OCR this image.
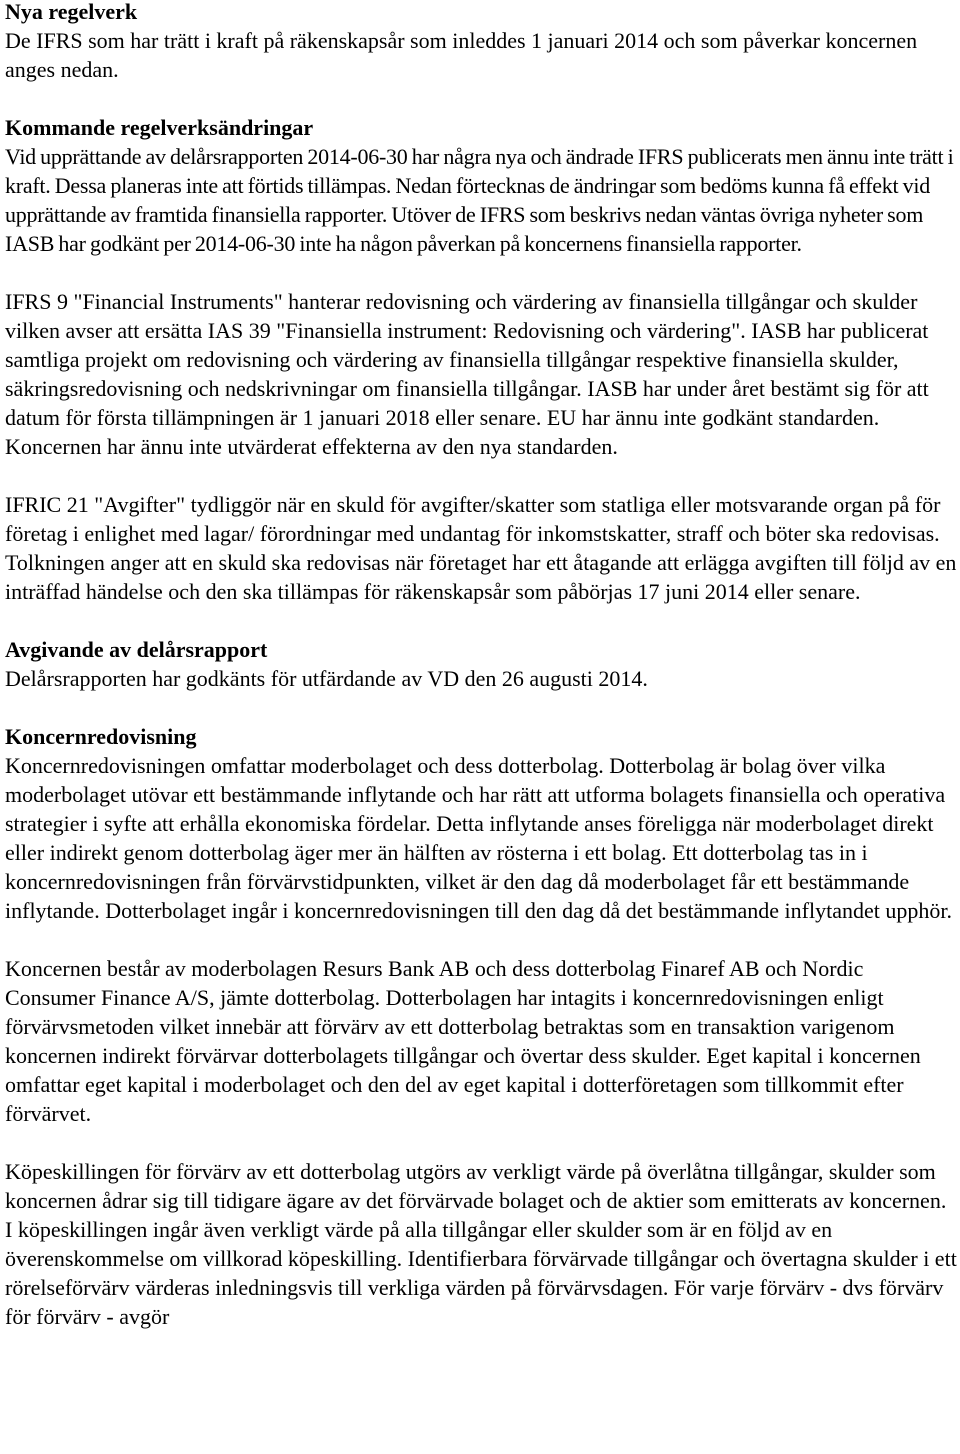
Nya regelverk
De IFRS som har trätt i kraft på räkenskapsår som inleddes 1 januari 2014 och som påverkar koncernen anges nedan.
Kommande regelverksändringar
Vid upprättande av delårsrapporten 2014-06-30 har några nya och ändrade IFRS publicerats men ännu inte trätt i kraft. Dessa planeras inte att förtids tillämpas. Nedan förtecknas de ändringar som bedöms kunna få effekt vid upprättande av framtida finansiella rapporter. Utöver de IFRS som beskrivs nedan väntas övriga nyheter som IASB har godkänt per 2014-06-30 inte ha någon påverkan på koncernens finansiella rapporter.
IFRS 9 "Financial Instruments" hanterar redovisning och värdering av finansiella tillgångar och skulder vilken avser att ersätta IAS 39 "Finansiella instrument: Redovisning och värdering". IASB har publicerat samtliga projekt om redovisning och värdering av finansiella tillgångar respektive finansiella skulder, säkringsredovisning och nedskrivningar om finansiella tillgångar. IASB har under året bestämt sig för att datum för första tillämpningen är 1 januari 2018 eller senare. EU har ännu inte godkänt standarden. Koncernen har ännu inte utvärderat effekterna av den nya standarden.
IFRIC 21 "Avgifter" tydliggör när en skuld för avgifter/skatter som statliga eller motsvarande organ på för företag i enlighet med lagar/ förordningar med undantag för inkomstskatter, straff och böter ska redovisas. Tolkningen anger att en skuld ska redovisas när företaget har ett åtagande att erlägga avgiften till följd av en inträffad händelse och den ska tillämpas för räkenskapsår som påbörjas 17 juni 2014 eller senare.
Avgivande av delårsrapport
Delårsrapporten har godkänts för utfärdande av VD den 26 augusti 2014.
Koncernredovisning
Koncernredovisningen omfattar moderbolaget och dess dotterbolag. Dotterbolag är bolag över vilka moderbolaget utövar ett bestämmande inflytande och har rätt att utforma bolagets finansiella och operativa strategier i syfte att erhålla ekonomiska fördelar. Detta inflytande anses föreligga när moderbolaget direkt eller indirekt genom dotterbolag äger mer än hälften av rösterna i ett bolag. Ett dotterbolag tas in i koncernredovisningen från förvärvstidpunkten, vilket är den dag då moderbolaget får ett bestämmande inflytande. Dotterbolaget ingår i koncernredovisningen till den dag då det bestämmande inflytandet upphör.
Koncernen består av moderbolagen Resurs Bank AB och dess dotterbolag Finaref AB och Nordic Consumer Finance A/S, jämte dotterbolag. Dotterbolagen har intagits i koncernredovisningen enligt förvärvsmetoden vilket innebär att förvärv av ett dotterbolag betraktas som en transaktion varigenom koncernen indirekt förvärvar dotterbolagets tillgångar och övertar dess skulder. Eget kapital i koncernen omfattar eget kapital i moderbolaget och den del av eget kapital i dotterföretagen som tillkommit efter förvärvet.
Köpeskillingen för förvärv av ett dotterbolag utgörs av verkligt värde på överlåtna tillgångar, skulder som koncernen ådrar sig till tidigare ägare av det förvärvade bolaget och de aktier som emitterats av koncernen. I köpeskillingen ingår även verkligt värde på alla tillgångar eller skulder som är en följd av en överenskommelse om villkorad köpeskilling. Identifierbara förvärvade tillgångar och övertagna skulder i ett rörelseförvärv värderas inledningsvis till verkliga värden på förvärvsdagen. För varje förvärv - dvs förvärv för förvärv - avgör
